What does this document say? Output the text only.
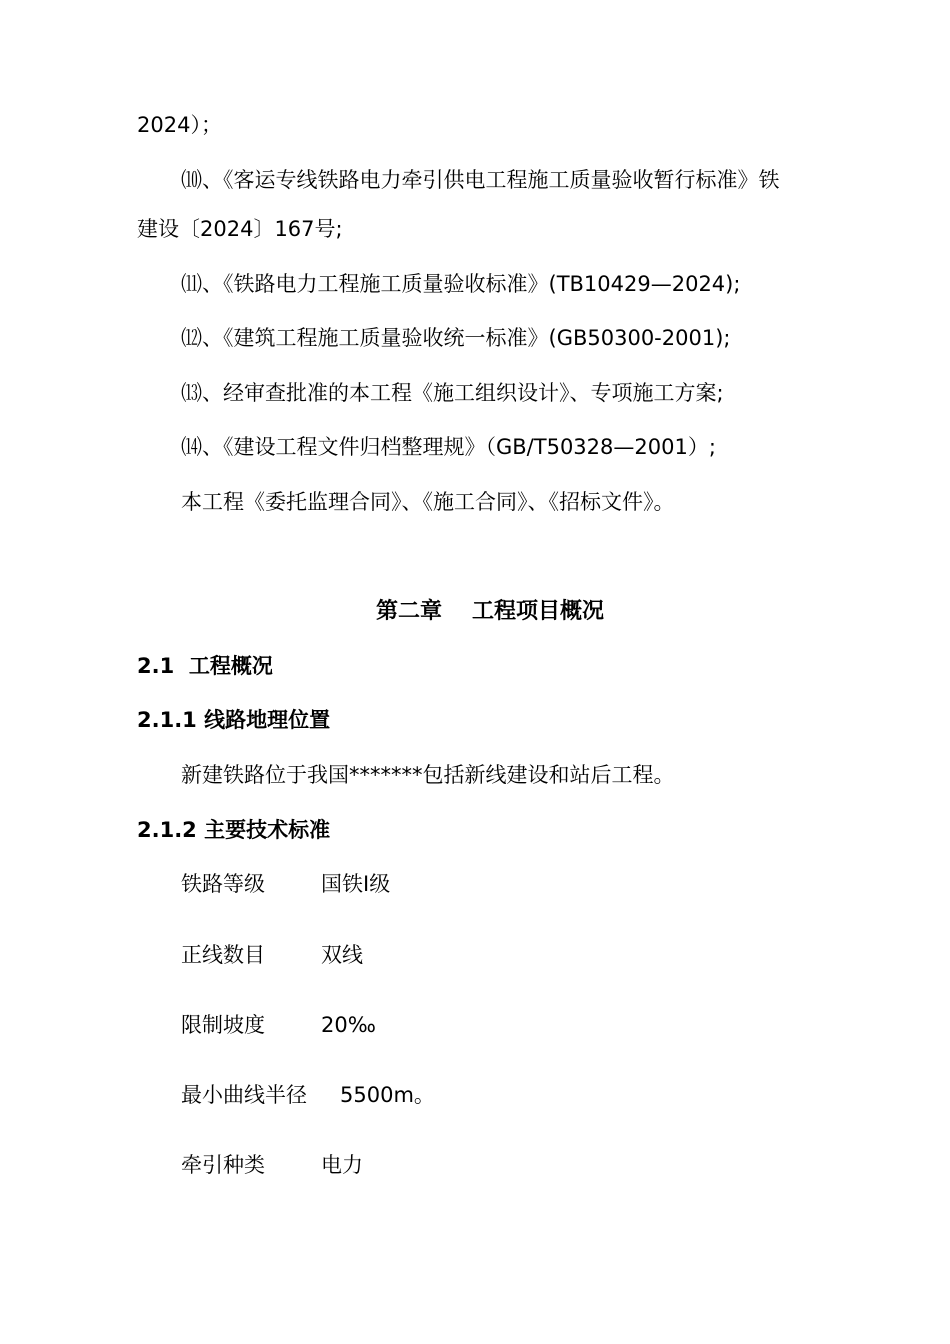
2024）；
⑽、《客运专线铁路电力牵引供电工程施工质量验收暂行标准》铁
建设〔2024〕167号;
⑾、《铁路电力工程施工质量验收标准》(TB10429—2024);
⑿、《建筑工程施工质量验收统一标准》(GB50300-2001);
⒀、经审查批准的本工程《施工组织设计》、专项施工方案;
⒁、《建设工程文件归档整理规》（GB/T50328—2001）;
本工程《委托监理合同》、《施工合同》、《招标文件》。
第二章 工程项目概况
2.1  工程概况
2.1.1 线路地理位置
新建铁路位于我国*******包括新线建设和站后工程。
2.1.2 主要技术标准
铁路等级	国铁Ⅰ级
正线数目	双线
限制坡度	20‰
最小曲线半径 5500m。
牵引种类	电力
